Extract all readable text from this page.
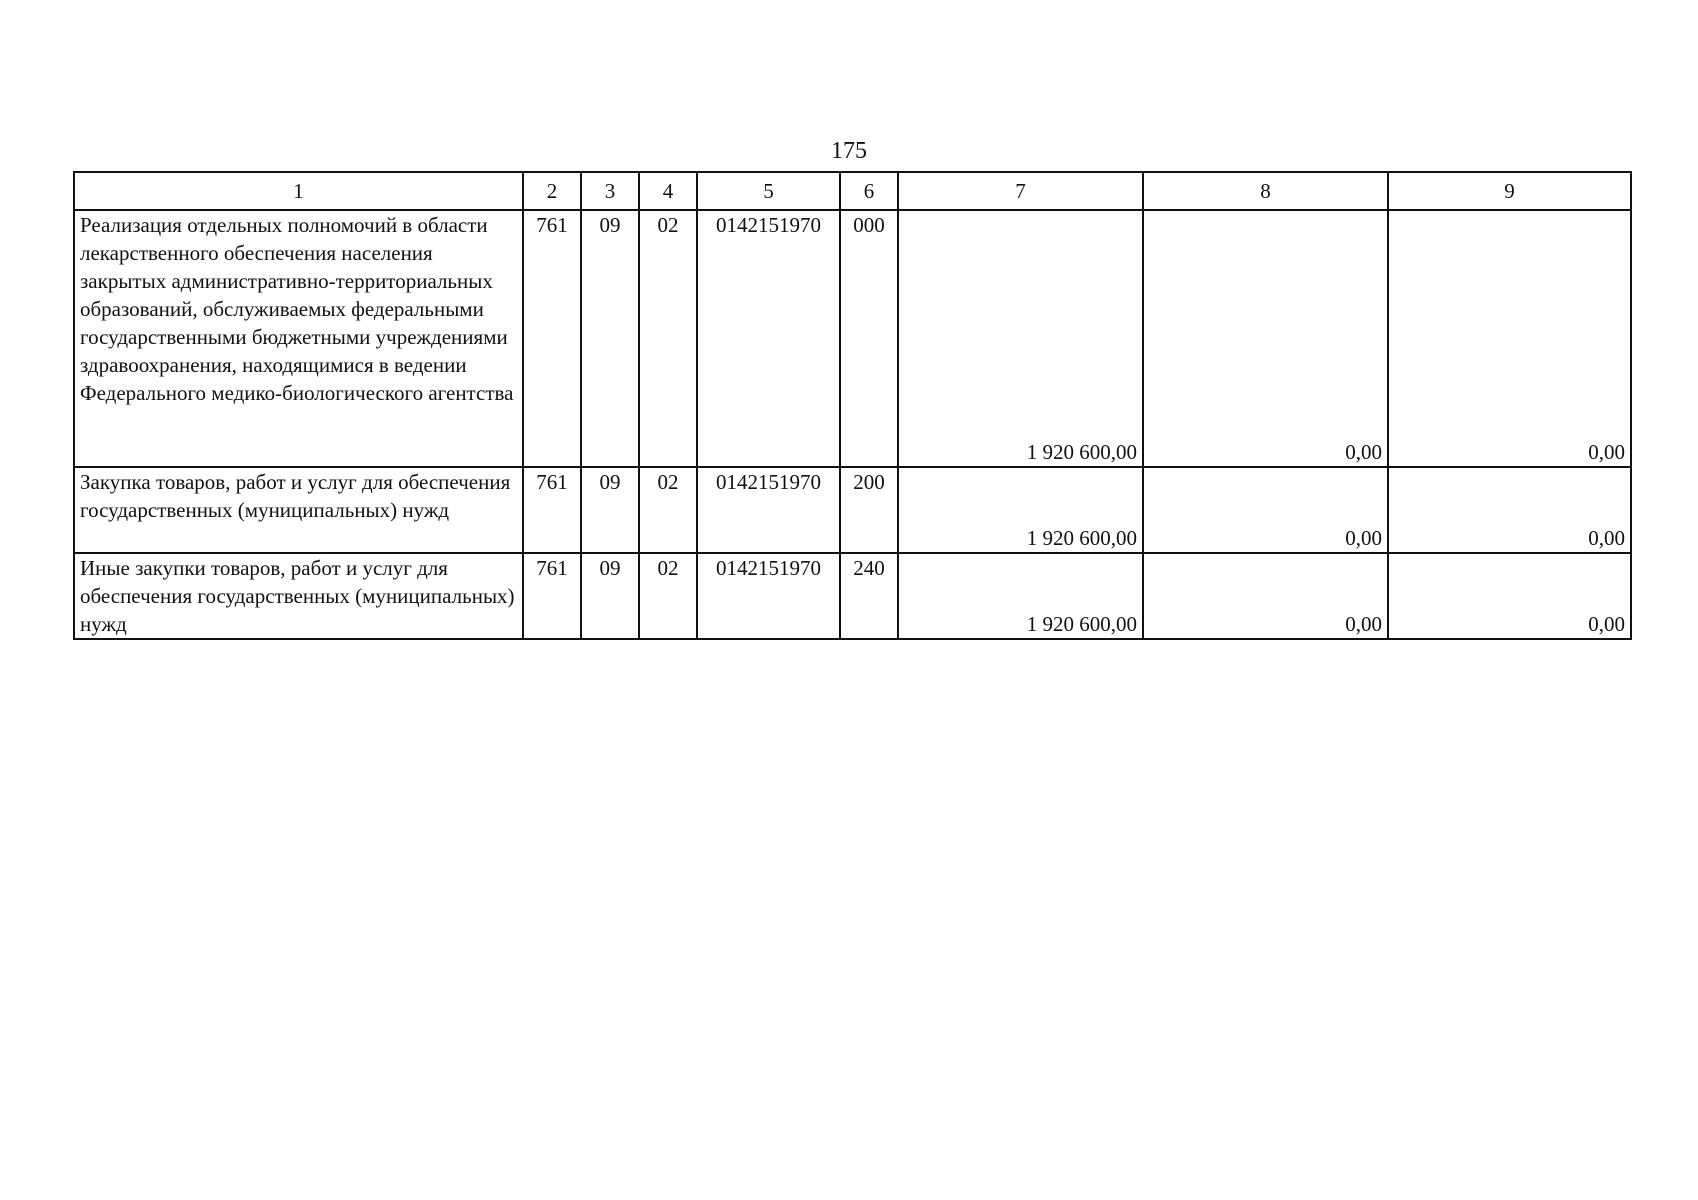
175
1	2	3	4	5	6	7	8	9
Реализация отдельных полномочий в области лекарственного обеспечения населения закрытых административно-территориальных образований, обслуживаемых федеральными государственными бюджетными учреждениями здравоохранения, находящимися в ведении Федерального медико-биологического агентства	761	09	02	0142151970	000	1 920 600,00	0,00	0,00
Закупка товаров, работ и услуг для обеспечения государственных (муниципальных) нужд	761	09	02	0142151970	200	1 920 600,00	0,00	0,00
Иные закупки товаров, работ и услуг для обеспечения государственных (муниципальных) нужд	761	09	02	0142151970	240	1 920 600,00	0,00	0,00
